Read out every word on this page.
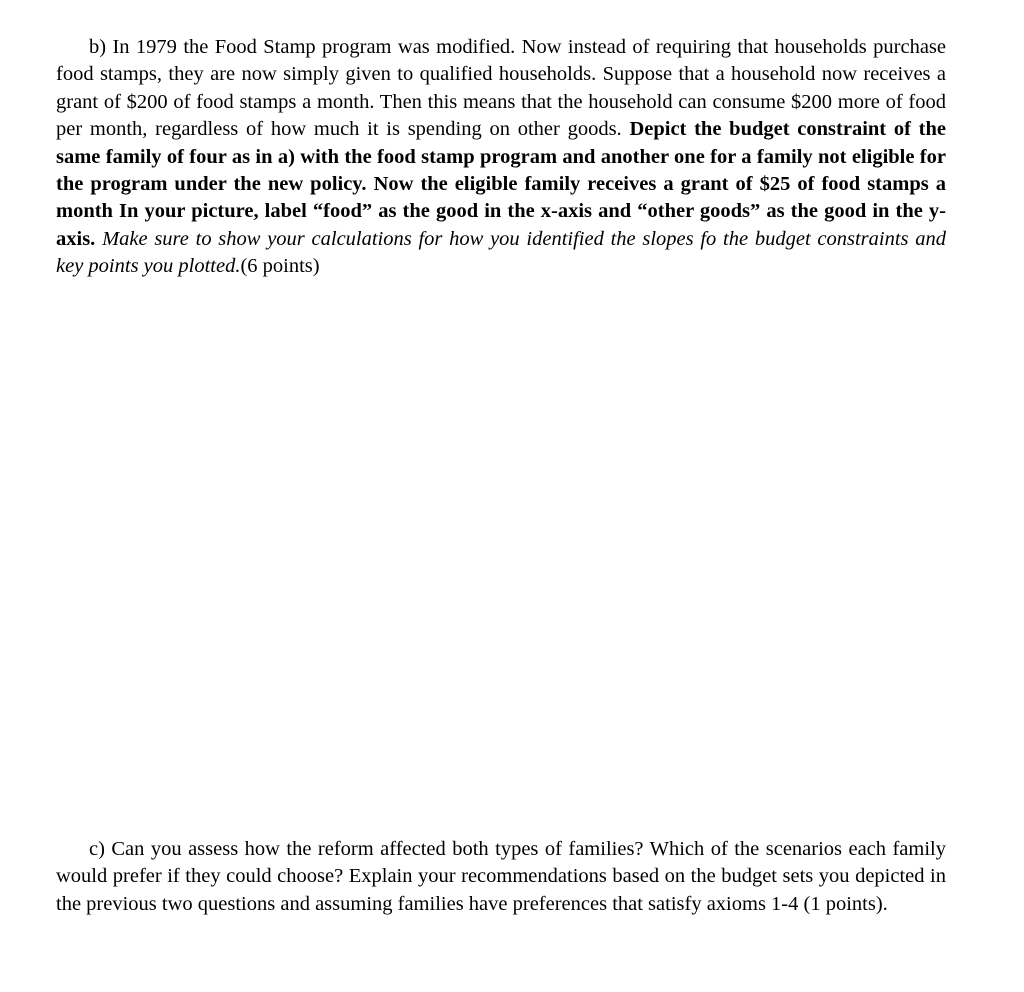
b) In 1979 the Food Stamp program was modified. Now instead of requiring that households purchase food stamps, they are now simply given to qualified households. Suppose that a household now receives a grant of $200 of food stamps a month. Then this means that the household can consume $200 more of food per month, regardless of how much it is spending on other goods. Depict the budget constraint of the same family of four as in a) with the food stamp program and another one for a family not eligible for the program under the new policy. Now the eligible family receives a grant of $25 of food stamps a month In your picture, label “food” as the good in the x-axis and “other goods” as the good in the y-axis. Make sure to show your calculations for how you identified the slopes fo the budget constraints and key points you plotted.(6 points)

c) Can you assess how the reform affected both types of families? Which of the scenarios each family would prefer if they could choose? Explain your recommendations based on the budget sets you depicted in the previous two questions and assuming families have preferences that satisfy axioms 1-4 (1 points).
